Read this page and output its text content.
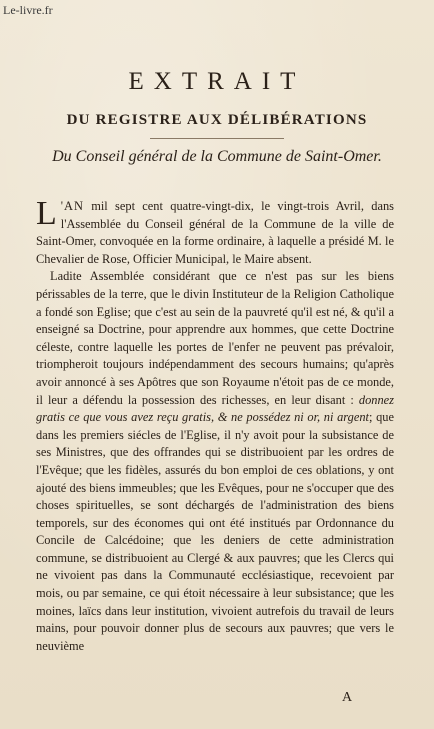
Le-livre.fr
EXTRAIT
DU REGISTRE AUX DÉLIBÉRATIONS
Du Conseil général de la Commune de Saint-Omer.

L 'AN mil sept cent quatre-vingt-dix, le vingt-trois Avril, dans l'Assemblée du Conseil général de la Commune de la ville de Saint-Omer, convoquée en la forme ordinaire, à laquelle a présidé M. le Chevalier de Rose, Officier Municipal, le Maire absent.

Ladite Assemblée considérant que ce n'est pas sur les biens périssables de la terre, que le divin Instituteur de la Religion Catholique a fondé son Eglise; que c'est au sein de la pauvreté qu'il est né, & qu'il a enseigné sa Doctrine, pour apprendre aux hommes, que cette Doctrine céleste, contre laquelle les portes de l'enfer ne peuvent pas prévaloir, triompheroit toujours indépendamment des secours humains; qu'après avoir annoncé à ses Apôtres que son Royaume n'étoit pas de ce monde, il leur a défendu la possession des richesses, en leur disant : donnez gratis ce que vous avez reçu gratis, & ne possédez ni or, ni argent; que dans les premiers siécles de l'Eglise, il n'y avoit pour la subsistance de ses Ministres, que des offrandes qui se distribuoient par les ordres de l'Evêque; que les fidèles, assurés du bon emploi de ces oblations, y ont ajouté des biens immeubles; que les Evêques, pour ne s'occuper que des choses spirituelles, se sont déchargés de l'administration des biens temporels, sur des économes qui ont été institués par Ordonnance du Concile de Calcédoine; que les deniers de cette administration commune, se distribuoient au Clergé & aux pauvres; que les Clercs qui ne vivoient pas dans la Communauté ecclésiastique, recevoient par mois, ou par semaine, ce qui étoit nécessaire à leur subsistance; que les moines, laïcs dans leur institution, vivoient autrefois du travail de leurs mains, pour pouvoir donner plus de secours aux pauvres; que vers le neuvième

A
